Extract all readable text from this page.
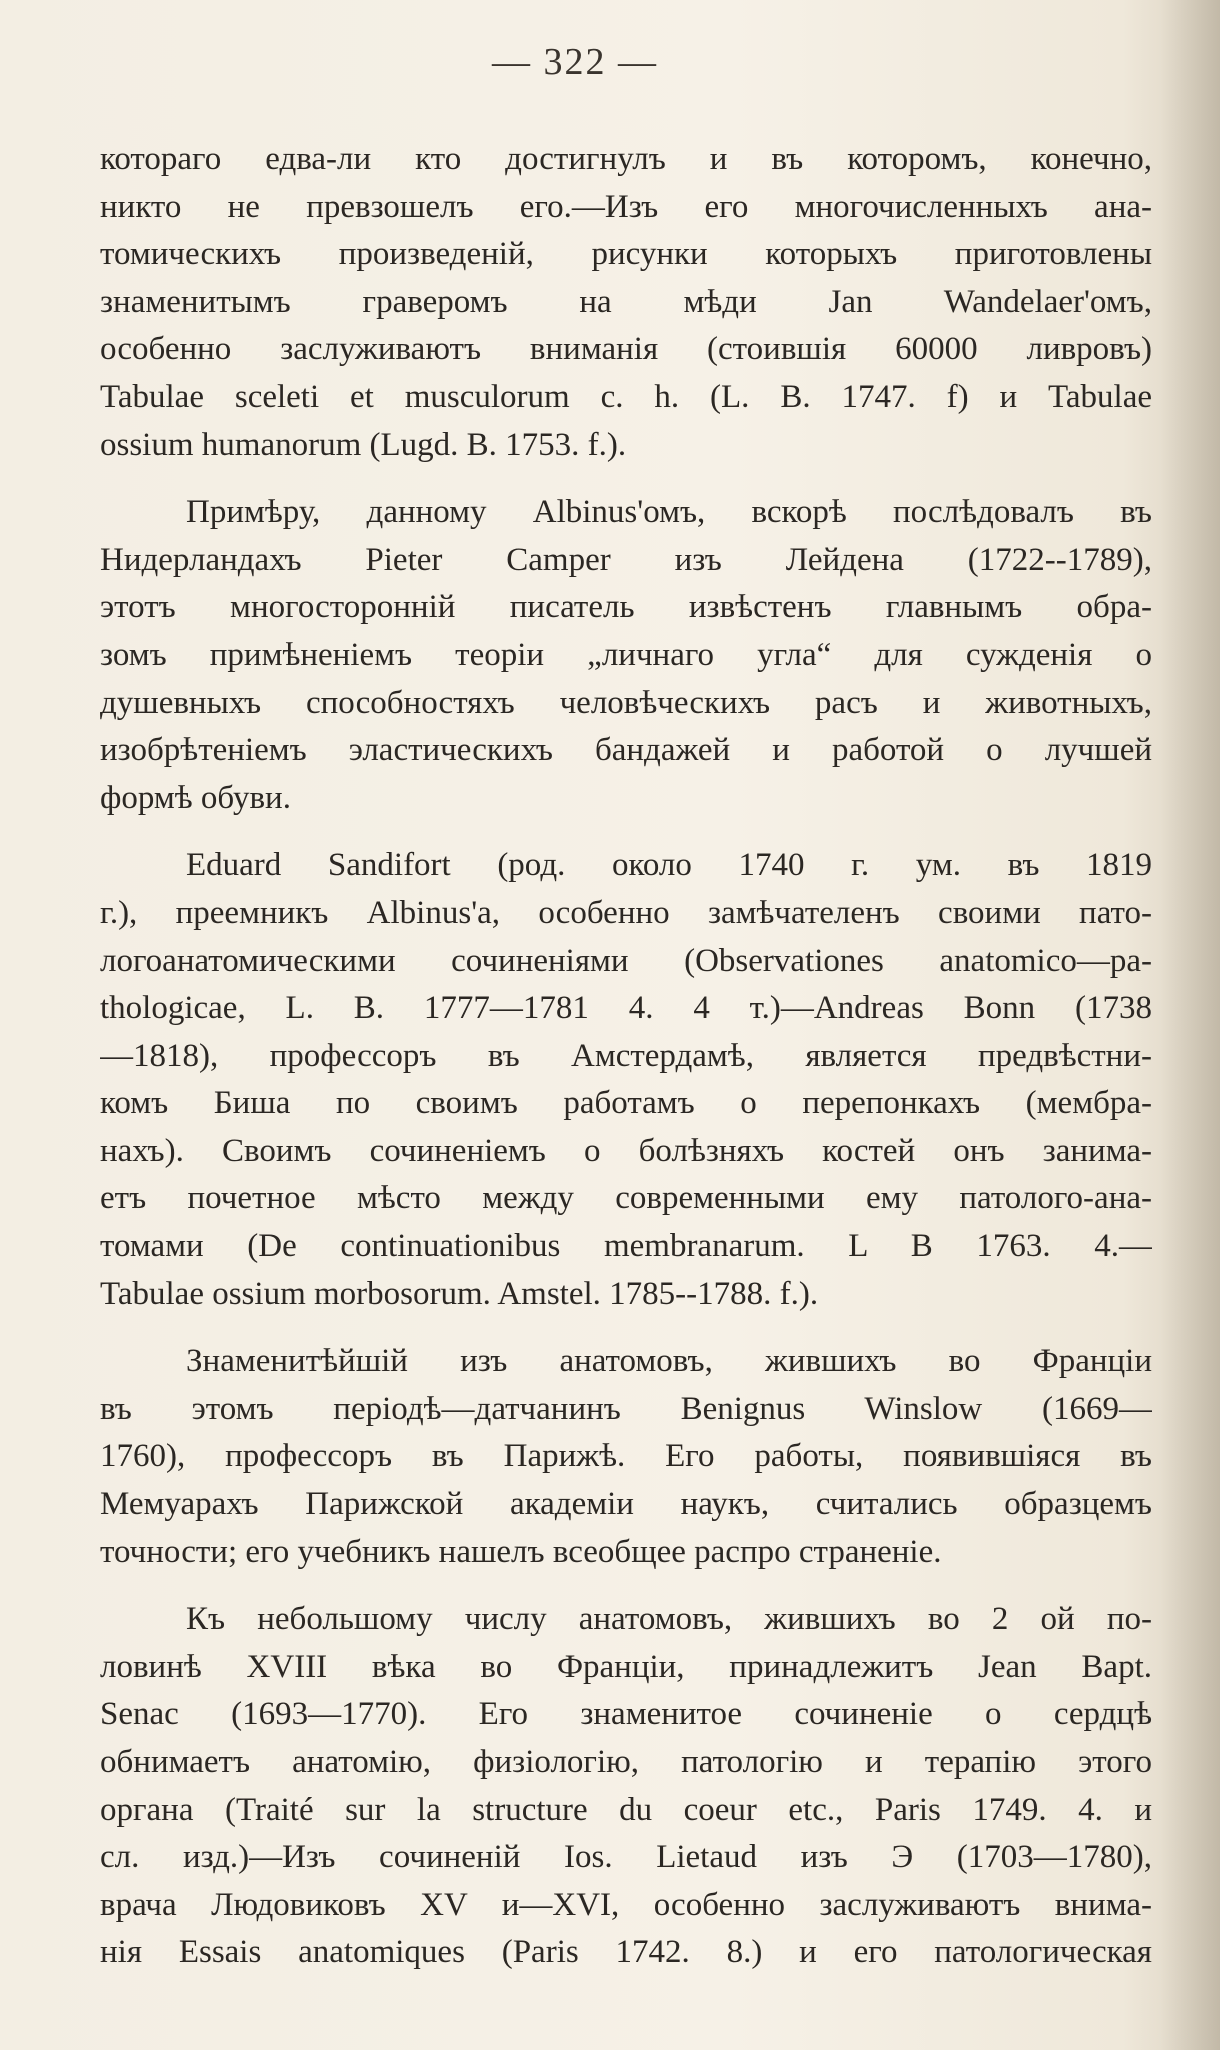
— 322 —
котораго едва-ли кто достигнулъ и въ которомъ, конечно,
никто не превзошелъ его.—Изъ его многочисленныхъ ана-
томическихъ произведеній, рисунки которыхъ приготовлены
знаменитымъ граверомъ на мѣди Jan Wandelaer'омъ,
особенно заслуживаютъ вниманія (стоившія 60000 ливровъ)
Tabulae sceleti et musculorum c. h. (L. B. 1747. f) и Tabulae
ossium humanorum (Lugd. B. 1753. f.).
Примѣру, данному Albinus'омъ, вскорѣ послѣдовалъ въ
Нидерландахъ Pieter Camper изъ Лейдена (1722--1789),
этотъ многосторонній писатель извѣстенъ главнымъ обра-
зомъ примѣненіемъ теоріи „личнаго угла“ для сужденія о
душевныхъ способностяхъ человѣческихъ расъ и животныхъ,
изобрѣтеніемъ эластическихъ бандажей и работой о лучшей
формѣ обуви.
Eduard Sandifort (род. около 1740 г. ум. въ 1819
г.), преемникъ Albinus'а, особенно замѣчателенъ своими пато-
логоанатомическими сочиненіями (Observationes anatomico—pa-
thologicae, L. B. 1777—1781 4. 4 т.)—Andreas Bonn (1738
—1818), профессоръ въ Амстердамѣ, является предвѣстни-
комъ Биша по своимъ работамъ о перепонкахъ (мембра-
нахъ). Своимъ сочиненіемъ о болѣзняхъ костей онъ занима-
етъ почетное мѣсто между современными ему патолого-ана-
томами (De continuationibus membranarum. L B 1763. 4.—
Tabulae ossium morbosorum. Amstel. 1785--1788. f.).
Знаменитѣйшій изъ анатомовъ, жившихъ во Франціи
въ этомъ періодѣ—датчанинъ Benignus Winslow (1669—
1760), профессоръ въ Парижѣ. Его работы, появившіяся въ
Мемуарахъ Парижской академіи наукъ, считались образцемъ
точности; его учебникъ нашелъ всеобщее распро страненіе.
Къ небольшому числу анатомовъ, жившихъ во 2 ой по-
ловинѣ XVIII вѣка во Франціи, принадлежитъ Jean Bapt.
Senac (1693—1770). Его знаменитое сочиненіе о сердцѣ
обнимаетъ анатомію, физіологію, патологію и терапію этого
органа (Traité sur la structure du coeur etc., Paris 1749. 4. и
сл. изд.)—Изъ сочиненій Ios. Lietaud изъ Э (1703—1780),
врача Людовиковъ XV и—XVI, особенно заслуживаютъ внима-
нія Essais anatomiques (Paris 1742. 8.) и его патологическая
